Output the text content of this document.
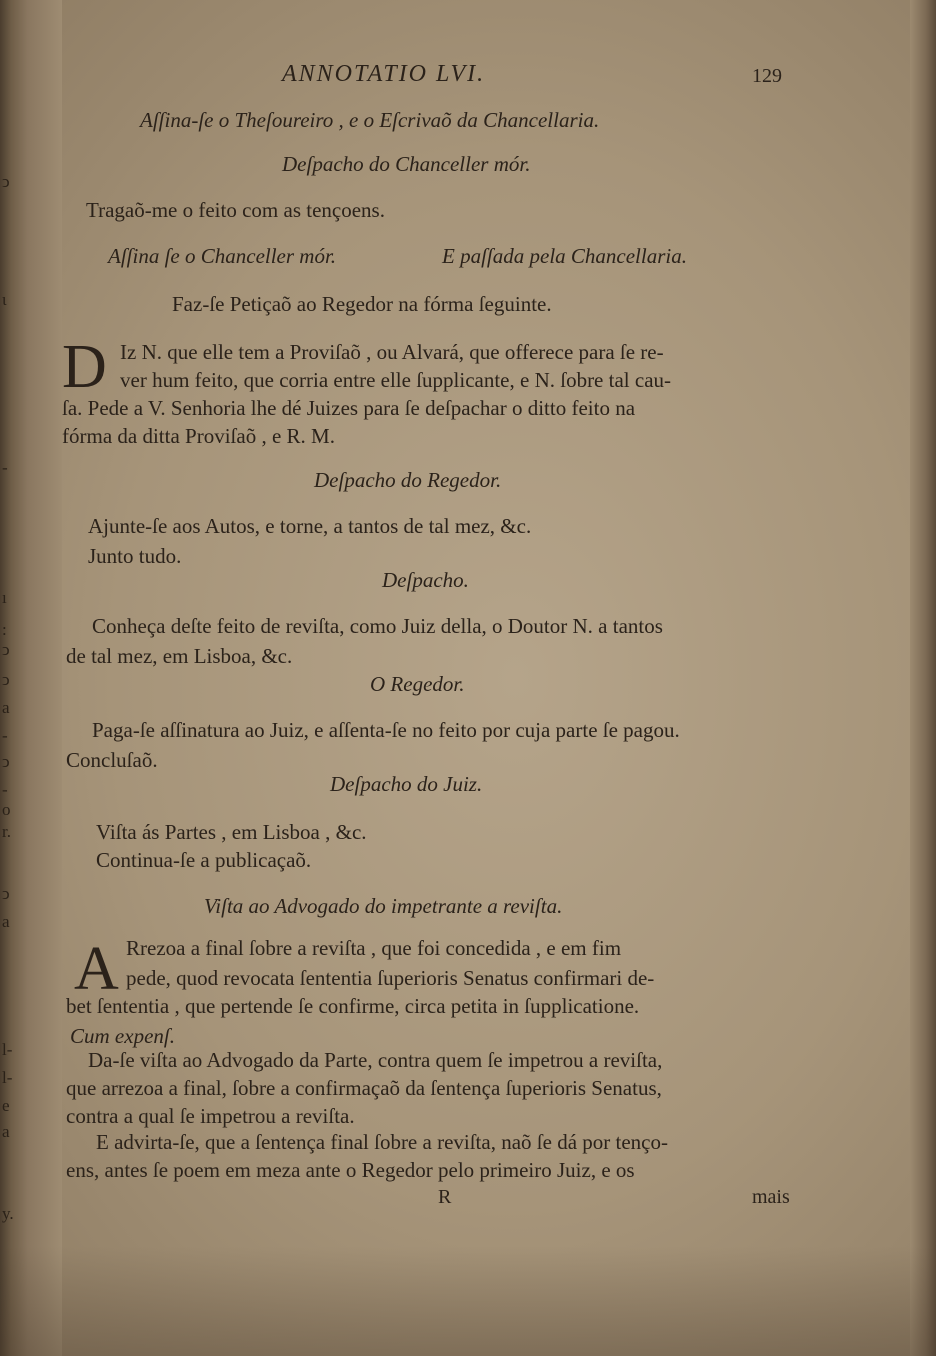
ↄ
ι
-
ı
:
ↄ
ↄ
a
-
ↄ
-
o
r.
ↄ
a
l-
l-
e
a
y.
ANNOTATIO LVI.	129
Aſſina-ſe o Theſoureiro , e o Eſcrivaõ da Chancellaria.
Deſpacho do Chanceller mór.
Tragaõ-me o feito com as tençoens.
Aſſina ſe o Chanceller mór.	E paſſada pela Chancellaria.
Faz-ſe Petiçaõ ao Regedor na fórma ſeguinte.
D Iz N. que elle tem a Proviſaõ , ou Alvará, que offerece para ſe re-
ver hum feito, que corria entre elle ſupplicante, e N. ſobre tal cau-
ſa. Pede a V. Senhoria lhe dé Juizes para ſe deſpachar o ditto feito na
fórma da ditta Proviſaõ , e R. M.
Deſpacho do Regedor.
Ajunte-ſe aos Autos, e torne, a tantos de tal mez, &c.
Junto tudo.
Deſpacho.
Conheça deſte feito de reviſta, como Juiz della, o Doutor N. a tantos
de tal mez, em Lisboa, &c.
O Regedor.
Paga-ſe aſſinatura ao Juiz, e aſſenta-ſe no feito por cuja parte ſe pagou.
Concluſaõ.
Deſpacho do Juiz.
Viſta ás Partes , em Lisboa , &c.
Continua-ſe a publicaçaõ.
Viſta ao Advogado do impetrante a reviſta.
A Rrezoa a final ſobre a reviſta , que foi concedida , e em fim
pede, quod revocata ſententia ſuperioris Senatus confirmari de-
bet ſententia , que pertende ſe confirme, circa petita in ſupplicatione.
Cum expenſ.
Da-ſe viſta ao Advogado da Parte, contra quem ſe impetrou a reviſta,
que arrezoa a final, ſobre a confirmaçaõ da ſentença ſuperioris Senatus,
contra a qual ſe impetrou a reviſta.
E advirta-ſe, que a ſentença final ſobre a reviſta, naõ ſe dá por tenço-
ens, antes ſe poem em meza ante o Regedor pelo primeiro Juiz, e os
R	mais
